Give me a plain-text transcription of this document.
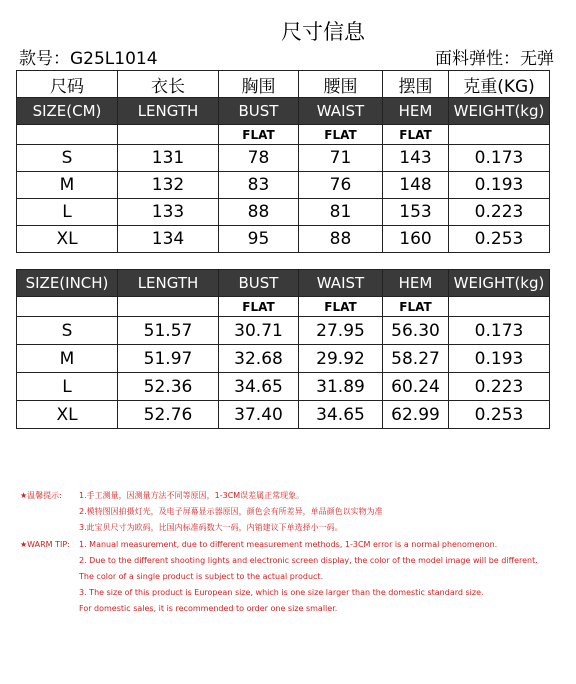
尺寸信息
款号：G25L1014	面料弹性：无弹
尺码	衣长	胸围	腰围	摆围	克重(KG)
SIZE(CM)	LENGTH	BUST	WAIST	HEM	WEIGHT(kg)
		FLAT	FLAT	FLAT	
S	131	78	71	143	0.173
M	132	83	76	148	0.193
L	133	88	81	153	0.223
XL	134	95	88	160	0.253
SIZE(INCH)	LENGTH	BUST	WAIST	HEM	WEIGHT(kg)
		FLAT	FLAT	FLAT	
S	51.57	30.71	27.95	56.30	0.173
M	51.97	32.68	29.92	58.27	0.193
L	52.36	34.65	31.89	60.24	0.223
XL	52.76	37.40	34.65	62.99	0.253
★温馨提示: 1.手工测量，因测量方法不同等原因，1-3CM误差属正常现象。
2.模特图因拍摄灯光，及电子屏幕显示器原因，颜色会有所差异，单品颜色以实物为准
3.此宝贝尺寸为欧码，比国内标准码数大一码，内销建议下单选择小一码。
★WARM TIP: 1. Manual measurement, due to different measurement methods, 1-3CM error is a normal phenomenon.
2. Due to the different shooting lights and electronic screen display, the color of the model image will be different.
The color of a single product is subject to the actual product.
3. The size of this product is European size, which is one size larger than the domestic standard size.
For domestic sales, it is recommended to order one size smaller.
